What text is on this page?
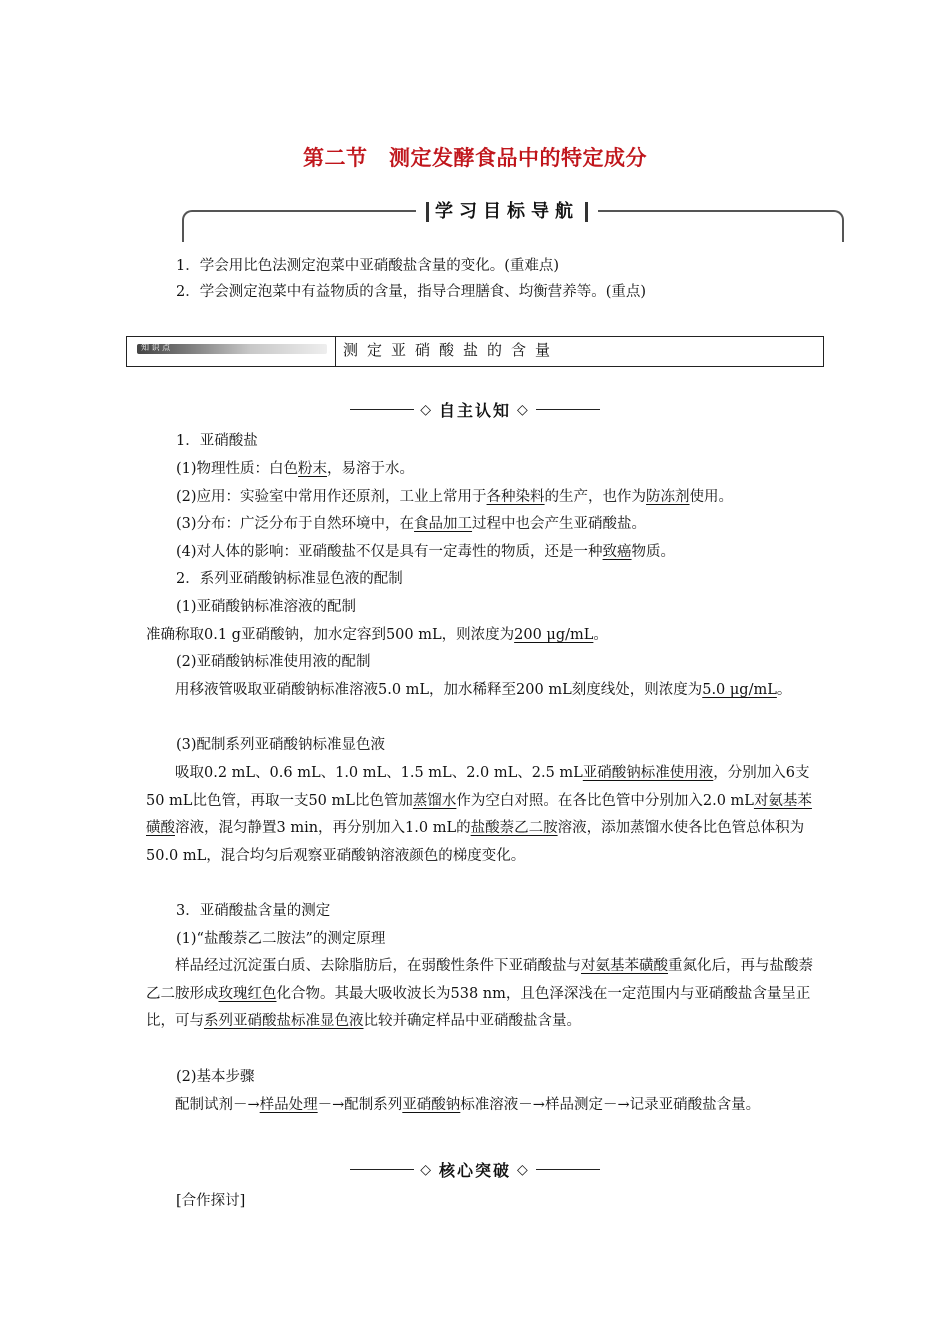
第二节　测定发酵食品中的特定成分
学习目标导航
1．学会用比色法测定泡菜中亚硝酸盐含量的变化。(重难点)
2．学会测定泡菜中有益物质的含量，指导合理膳食、均衡营养等。(重点)
知 识 点	测定亚硝酸盐的含量
◇ 自主认知 ◇
1．亚硝酸盐
(1)物理性质：白色粉末，易溶于水。
(2)应用：实验室中常用作还原剂，工业上常用于各种染料的生产，也作为防冻剂使用。
(3)分布：广泛分布于自然环境中，在食品加工过程中也会产生亚硝酸盐。
(4)对人体的影响：亚硝酸盐不仅是具有一定毒性的物质，还是一种致癌物质。
2．系列亚硝酸钠标准显色液的配制
(1)亚硝酸钠标准溶液的配制
准确称取0.1 g亚硝酸钠，加水定容到500 mL，则浓度为200 μg/mL。
(2)亚硝酸钠标准使用液的配制
用移液管吸取亚硝酸钠标准溶液5.0 mL，加水稀释至200 mL刻度线处，则浓度为5.0 μg/mL。
(3)配制系列亚硝酸钠标准显色液
吸取0.2 mL、0.6 mL、1.0 mL、1.5 mL、2.0 mL、2.5 mL亚硝酸钠标准使用液，分别加入6支50 mL比色管，再取一支50 mL比色管加蒸馏水作为空白对照。在各比色管中分别加入2.0 mL对氨基苯磺酸溶液，混匀静置3 min，再分别加入1.0 mL的盐酸萘乙二胺溶液，添加蒸馏水使各比色管总体积为50.0 mL，混合均匀后观察亚硝酸钠溶液颜色的梯度变化。
3．亚硝酸盐含量的测定
(1)“盐酸萘乙二胺法”的测定原理
样品经过沉淀蛋白质、去除脂肪后，在弱酸性条件下亚硝酸盐与对氨基苯磺酸重氮化后，再与盐酸萘乙二胺形成玫瑰红色化合物。其最大吸收波长为538 nm，且色泽深浅在一定范围内与亚硝酸盐含量呈正比，可与系列亚硝酸盐标准显色液比较并确定样品中亚硝酸盐含量。
(2)基本步骤
配制试剂－→样品处理－→配制系列亚硝酸钠标准溶液－→样品测定－→记录亚硝酸盐含量。
◇ 核心突破 ◇
[合作探讨]
